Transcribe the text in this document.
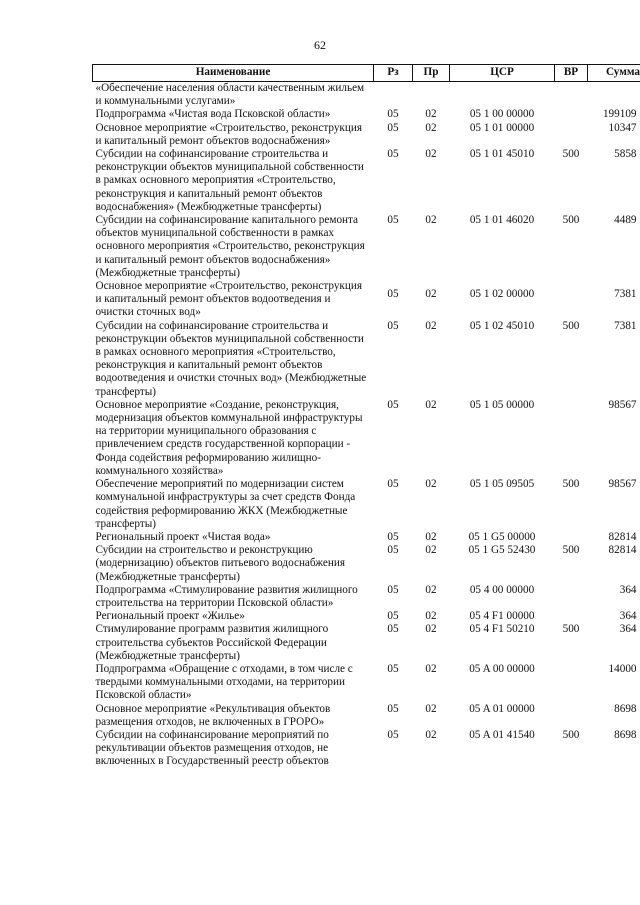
62
Наименование	Рз	Пр	ЦСР	ВР	Сумма
«Обеспечение населения области качественным жильем и коммунальными услугами»					
Подпрограмма «Чистая вода Псковской области»	05	02	05 1 00 00000		199109
Основное мероприятие «Строительство, реконструкция и капитальный ремонт объектов водоснабжения»	05	02	05 1 01 00000		10347
Субсидии на софинансирование строительства и реконструкции объектов муниципальной собственности в рамках основного мероприятия «Строительство, реконструкция и капитальный ремонт объектов водоснабжения» (Межбюджетные трансферты)	05	02	05 1 01 45010	500	5858
Субсидии на софинансирование капитального ремонта объектов муниципальной собственности в рамках основного мероприятия «Строительство, реконструкция и капитальный ремонт объектов водоснабжения» (Межбюджетные трансферты)	05	02	05 1 01 46020	500	4489
Основное мероприятие «Строительство, реконструкция и капитальный ремонт объектов водоотведения и очистки сточных вод»	05	02	05 1 02 00000		7381
Субсидии на софинансирование строительства и реконструкции объектов муниципальной собственности в рамках основного мероприятия «Строительство, реконструкция и капитальный ремонт объектов водоотведения и очистки сточных вод» (Межбюджетные трансферты)	05	02	05 1 02 45010	500	7381
Основное мероприятие «Создание, реконструкция, модернизация объектов коммунальной инфраструктуры на территории муниципального образования с привлечением средств государственной корпорации - Фонда содействия реформированию жилищно-коммунального хозяйства»	05	02	05 1 05 00000		98567
Обеспечение мероприятий по модернизации систем коммунальной инфраструктуры за счет средств Фонда содействия реформированию ЖКХ (Межбюджетные трансферты)	05	02	05 1 05 09505	500	98567
Региональный проект «Чистая вода»	05	02	05 1 G5 00000		82814
Субсидии на строительство и реконструкцию (модернизацию) объектов питьевого водоснабжения (Межбюджетные трансферты)	05	02	05 1 G5 52430	500	82814
Подпрограмма «Стимулирование развития жилищного строительства на территории Псковской области»	05	02	05 4 00 00000		364
Региональный проект «Жилье»	05	02	05 4 F1 00000		364
Стимулирование программ развития жилищного строительства субъектов Российской Федерации (Межбюджетные трансферты)	05	02	05 4 F1 50210	500	364
Подпрограмма «Обращение с отходами, в том числе с твердыми коммунальными отходами, на территории Псковской области»	05	02	05 A 00 00000		14000
Основное мероприятие «Рекультивация объектов размещения отходов, не включенных в ГРОРО»	05	02	05 A 01 00000		8698
Субсидии на софинансирование мероприятий по рекультивации объектов размещения отходов, не включенных в Государственный реестр объектов	05	02	05 A 01 41540	500	8698
